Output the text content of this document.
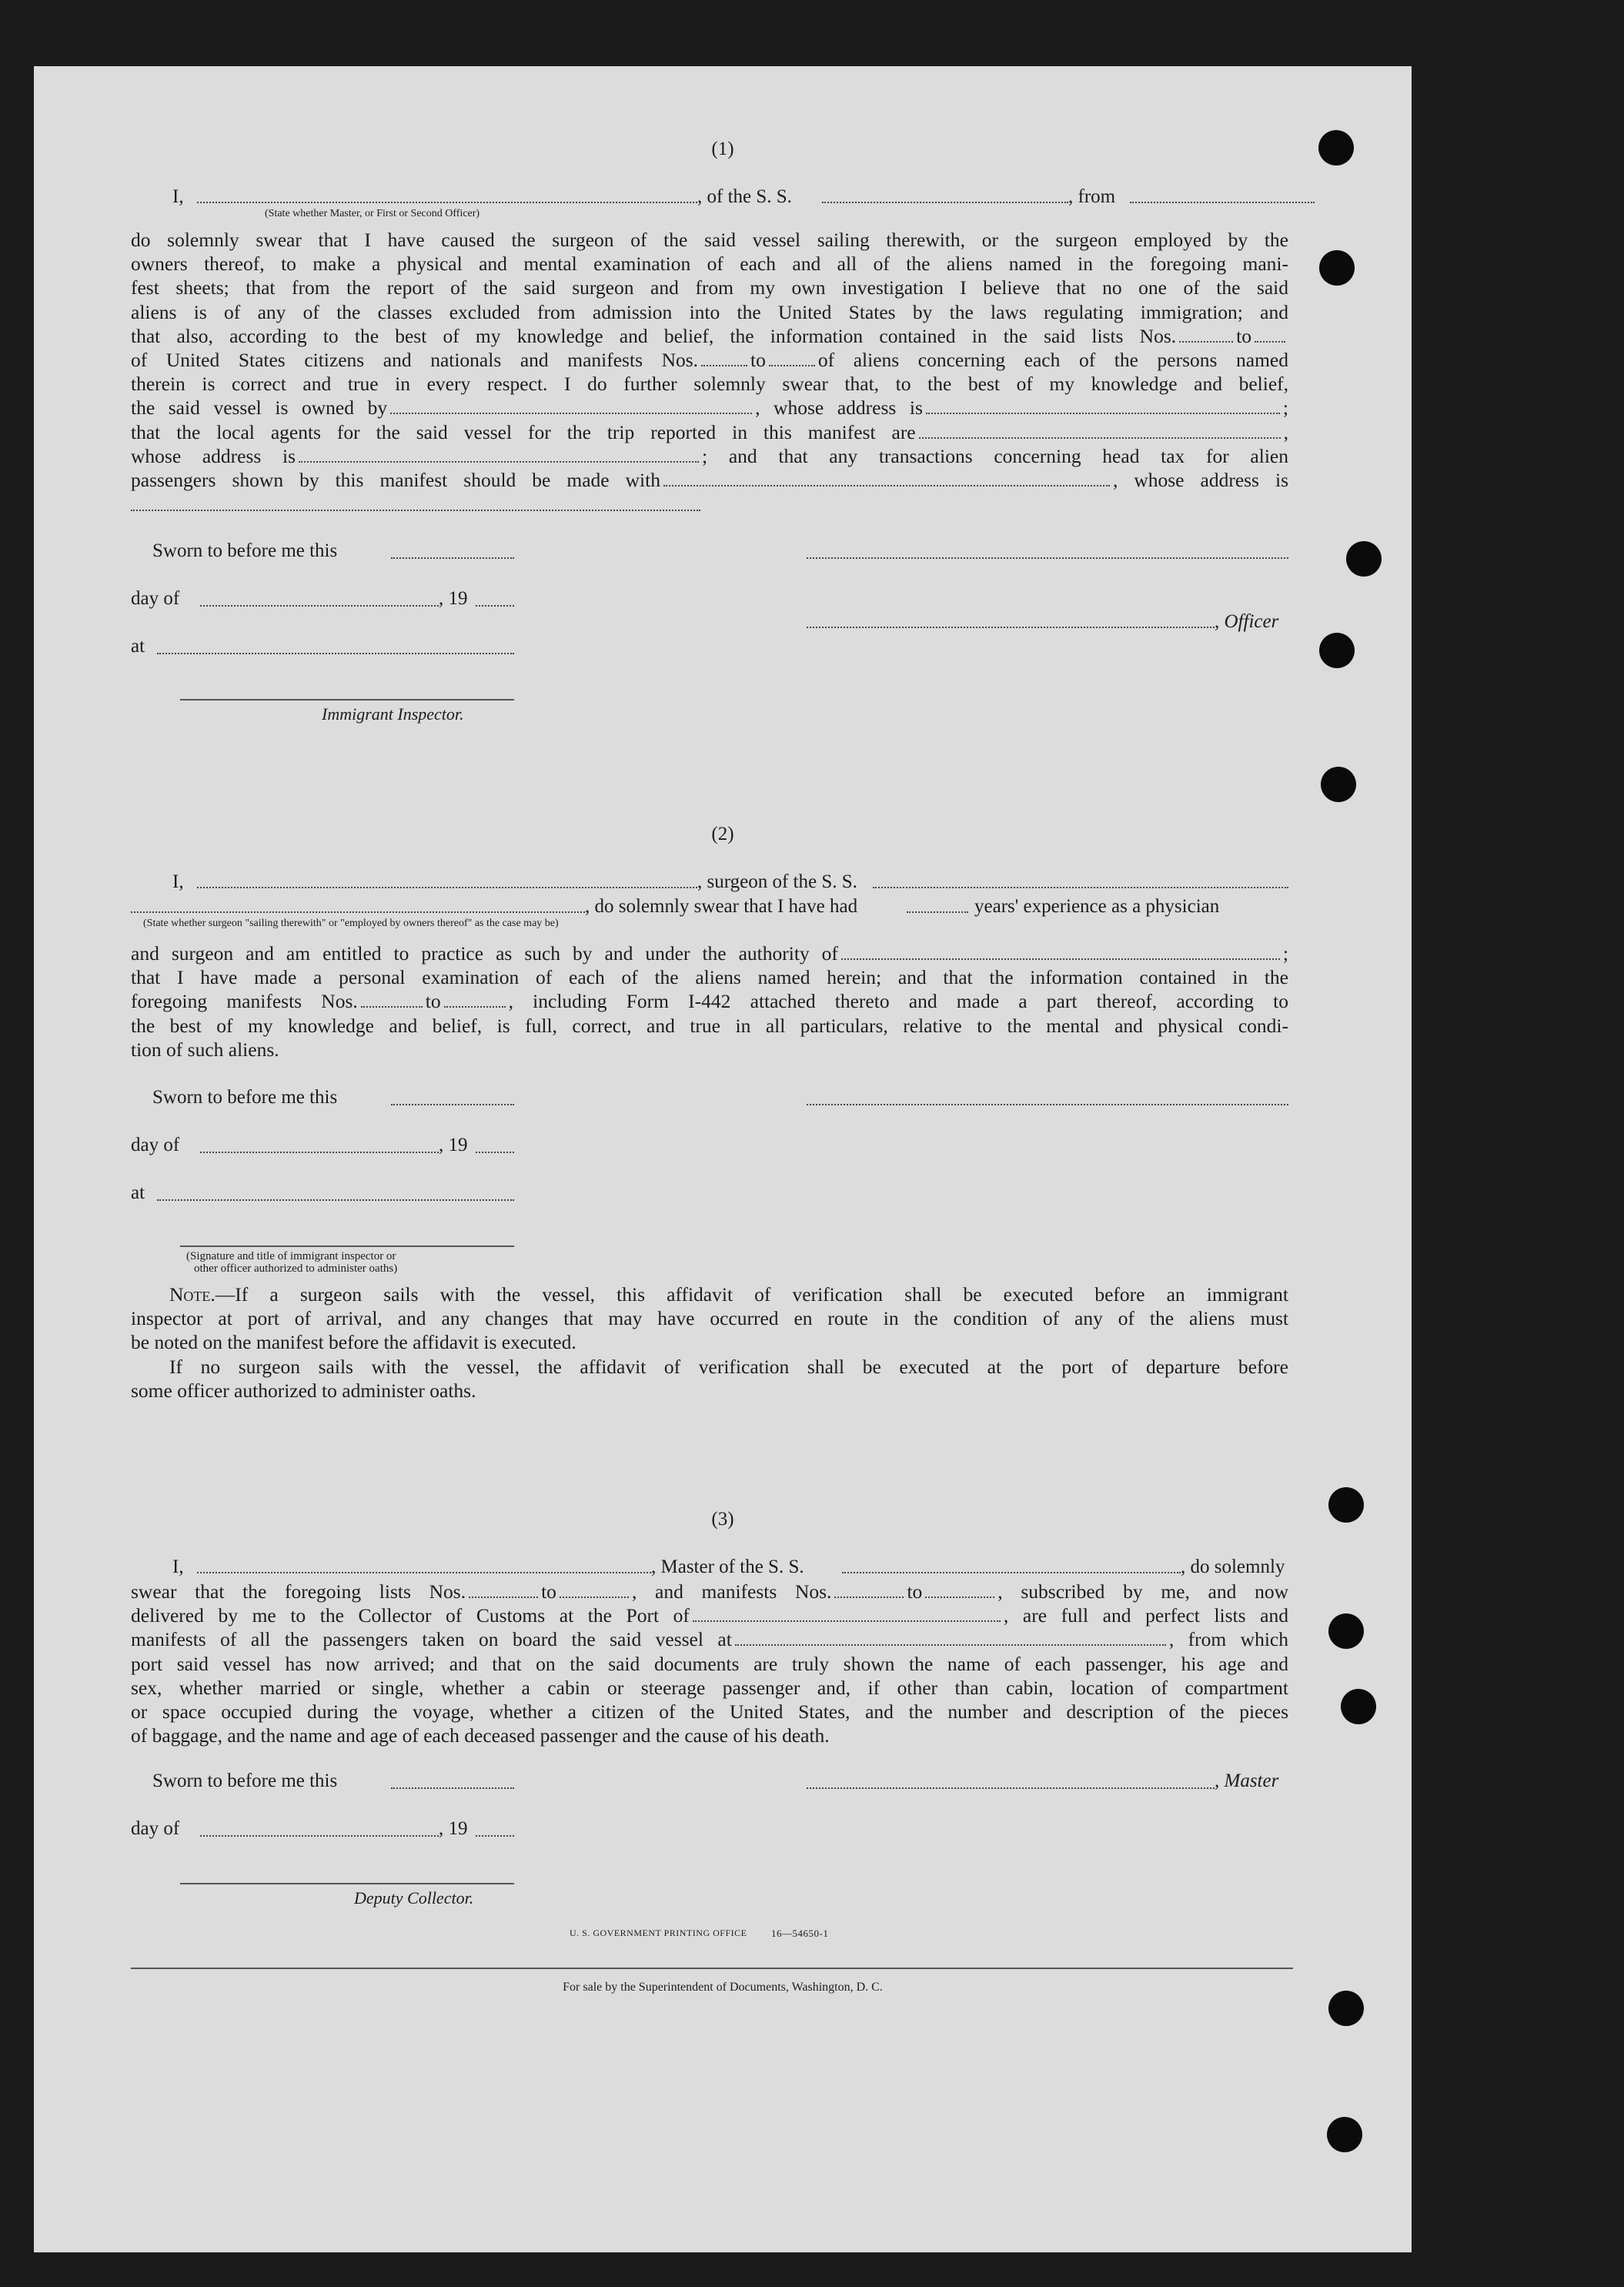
(1)
I,	, of the S. S.	, from
(State whether Master, or First or Second Officer)
do solemnly swear that I have caused the surgeon of the said vessel sailing therewith, or the surgeon employed by the
owners thereof, to make a physical and mental examination of each and all of the aliens named in the foregoing mani-
fest sheets; that from the report of the said surgeon and from my own investigation I believe that no one of the said
aliens is of any of the classes excluded from admission into the United States by the laws regulating immigration; and
that also, according to the best of my knowledge and belief, the information contained in the said lists Nos.	to
of United States citizens and nationals and manifests Nos.	to	of aliens concerning each of the persons named
therein is correct and true in every respect. I do further solemnly swear that, to the best of my knowledge and belief,
the said vessel is owned by	, whose address is	;
that the local agents for the said vessel for the trip reported in this manifest are	,
whose address is	; and that any transactions concerning head tax for alien
passengers shown by this manifest should be made with	, whose address is
Sworn to before me this
day of	, 19
, Officer
at
Immigrant Inspector.
(2)
I,	, surgeon of the S. S.
, do solemnly swear that I have had	years' experience as a physician
(State whether surgeon "sailing therewith" or "employed by owners thereof" as the case may be)
and surgeon and am entitled to practice as such by and under the authority of	;
that I have made a personal examination of each of the aliens named herein; and that the information contained in the
foregoing manifests Nos.	to	, including Form I-442 attached thereto and made a part thereof, according to
the best of my knowledge and belief, is full, correct, and true in all particulars, relative to the mental and physical condi-
tion of such aliens.
Sworn to before me this
day of	, 19
at
(Signature and title of immigrant inspector or
other officer authorized to administer oaths)
Note.—If a surgeon sails with the vessel, this affidavit of verification shall be executed before an immigrant
inspector at port of arrival, and any changes that may have occurred en route in the condition of any of the aliens must
be noted on the manifest before the affidavit is executed.
If no surgeon sails with the vessel, the affidavit of verification shall be executed at the port of departure before
some officer authorized to administer oaths.
(3)
I,	, Master of the S. S.	, do solemnly
swear that the foregoing lists Nos.	to	, and manifests Nos.	to	, subscribed by me, and now
delivered by me to the Collector of Customs at the Port of	, are full and perfect lists and
manifests of all the passengers taken on board the said vessel at	, from which
port said vessel has now arrived; and that on the said documents are truly shown the name of each passenger, his age and
sex, whether married or single, whether a cabin or steerage passenger and, if other than cabin, location of compartment
or space occupied during the voyage, whether a citizen of the United States, and the number and description of the pieces
of baggage, and the name and age of each deceased passenger and the cause of his death.
Sworn to before me this	, Master
day of	, 19
Deputy Collector.
U. S. GOVERNMENT PRINTING OFFICE 16—54650-1
For sale by the Superintendent of Documents, Washington, D. C.
